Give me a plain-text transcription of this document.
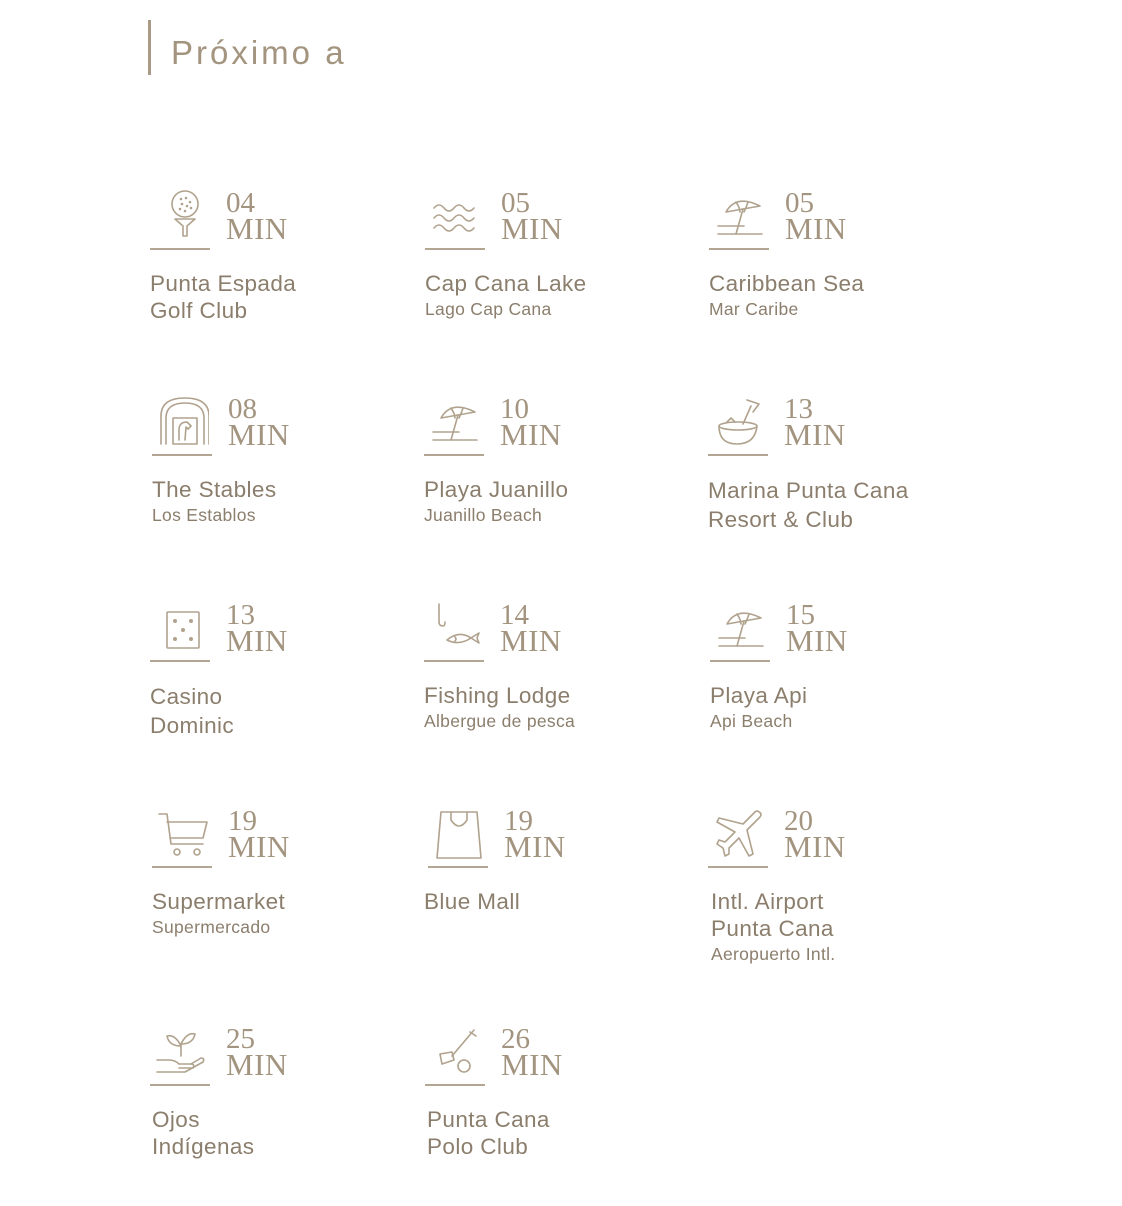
Próximo a
04
MIN
Punta Espada
Golf Club
05
MIN
Cap Cana Lake
Lago Cap Cana
05
MIN
Caribbean Sea
Mar Caribe
08
MIN
The Stables
Los Establos
10
MIN
Playa Juanillo
Juanillo Beach
13
MIN
Marina Punta Cana
Resort & Club
13
MIN
Casino
Dominic
14
MIN
Fishing Lodge
Albergue de pesca
15
MIN
Playa Api
Api Beach
19
MIN
Supermarket
Supermercado
19
MIN
Blue Mall
20
MIN
Intl. Airport
Punta Cana
Aeropuerto Intl.
25
MIN
Ojos
Indígenas
26
MIN
Punta Cana
Polo Club
